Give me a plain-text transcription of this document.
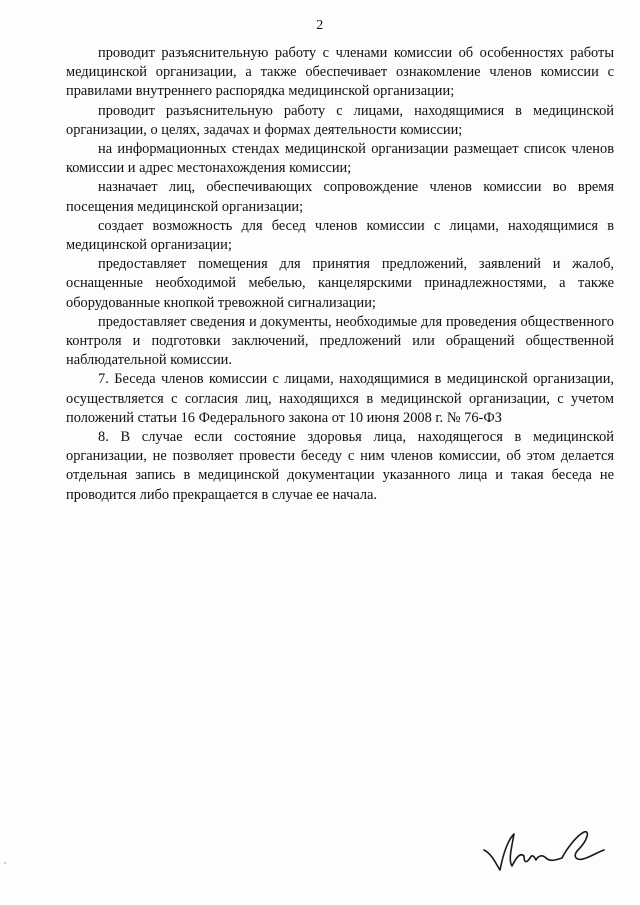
2

проводит разъяснительную работу с членами комиссии об особенностях работы медицинской организации, а также обеспечивает ознакомление членов комиссии с правилами внутреннего распорядка медицинской организации;

проводит разъяснительную работу с лицами, находящимися в медицинской организации, о целях, задачах и формах деятельности комиссии;

на информационных стендах медицинской организации размещает список членов комиссии и адрес местонахождения комиссии;

назначает лиц, обеспечивающих сопровождение членов комиссии во время посещения медицинской организации;

создает возможность для бесед членов комиссии с лицами, находящимися в медицинской организации;

предоставляет помещения для принятия предложений, заявлений и жалоб, оснащенные необходимой мебелью, канцелярскими принадлежностями, а также оборудованные кнопкой тревожной сигнализации;

предоставляет сведения и документы, необходимые для проведения общественного контроля и подготовки заключений, предложений или обращений общественной наблюдательной комиссии.

7. Беседа членов комиссии с лицами, находящимися в медицинской организации, осуществляется с согласия лиц, находящихся в медицинской организации, с учетом положений статьи 16 Федерального закона от 10 июня 2008 г. № 76-ФЗ

8. В случае если состояние здоровья лица, находящегося в медицинской организации, не позволяет провести беседу с ним членов комиссии, об этом делается отдельная запись в медицинской документации указанного лица и такая беседа не проводится либо прекращается в случае ее начала.
